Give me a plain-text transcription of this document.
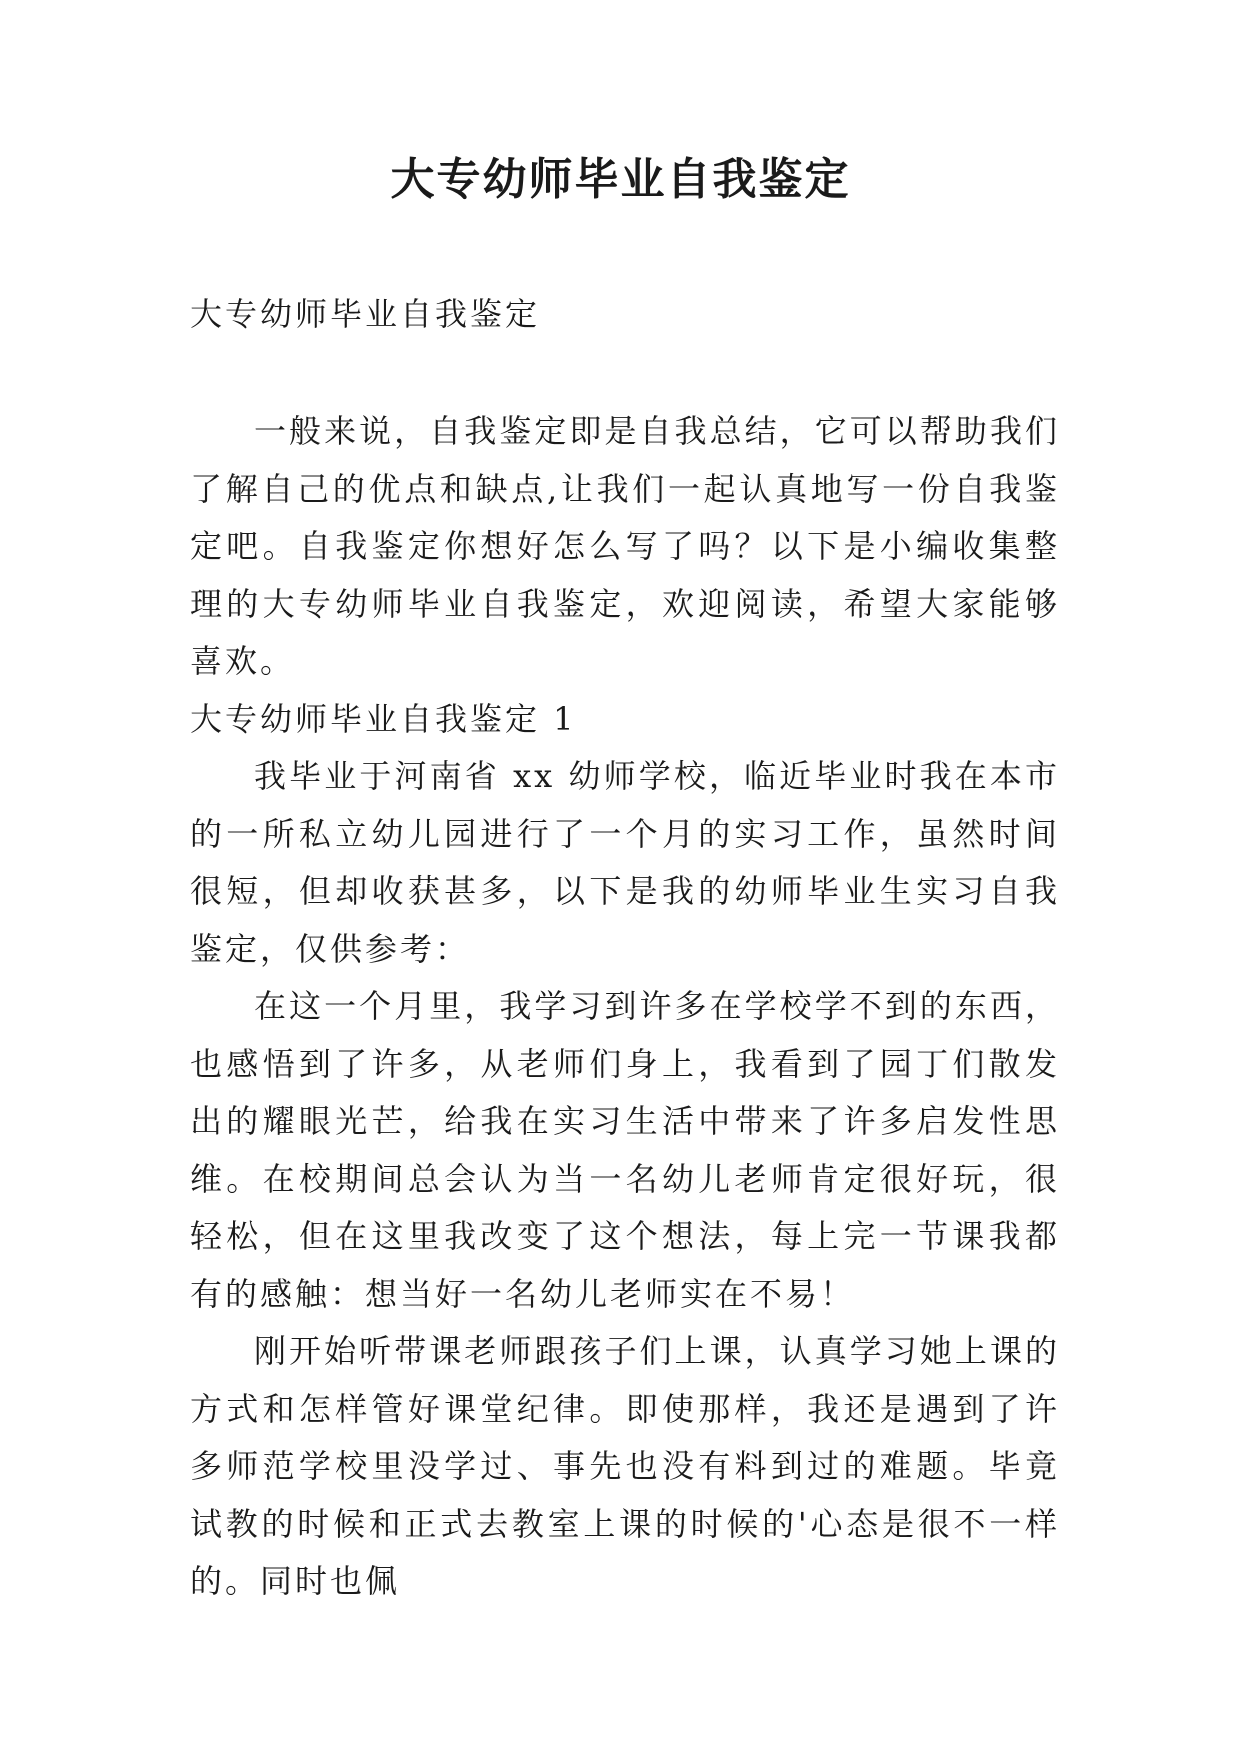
大专幼师毕业自我鉴定

大专幼师毕业自我鉴定

一般来说，自我鉴定即是自我总结，它可以帮助我们了解自己的优点和缺点,让我们一起认真地写一份自我鉴定吧。自我鉴定你想好怎么写了吗？以下是小编收集整理的大专幼师毕业自我鉴定，欢迎阅读，希望大家能够喜欢。

大专幼师毕业自我鉴定 1

我毕业于河南省 xx 幼师学校，临近毕业时我在本市的一所私立幼儿园进行了一个月的实习工作，虽然时间很短，但却收获甚多，以下是我的幼师毕业生实习自我鉴定，仅供参考：

在这一个月里，我学习到许多在学校学不到的东西，也感悟到了许多，从老师们身上，我看到了园丁们散发出的耀眼光芒，给我在实习生活中带来了许多启发性思维。在校期间总会认为当一名幼儿老师肯定很好玩，很轻松，但在这里我改变了这个想法，每上完一节课我都有的感触：想当好一名幼儿老师实在不易！

刚开始听带课老师跟孩子们上课，认真学习她上课的方式和怎样管好课堂纪律。即使那样，我还是遇到了许多师范学校里没学过、事先也没有料到过的难题。毕竟试教的时候和正式去教室上课的时候的'心态是很不一样的。同时也佩
